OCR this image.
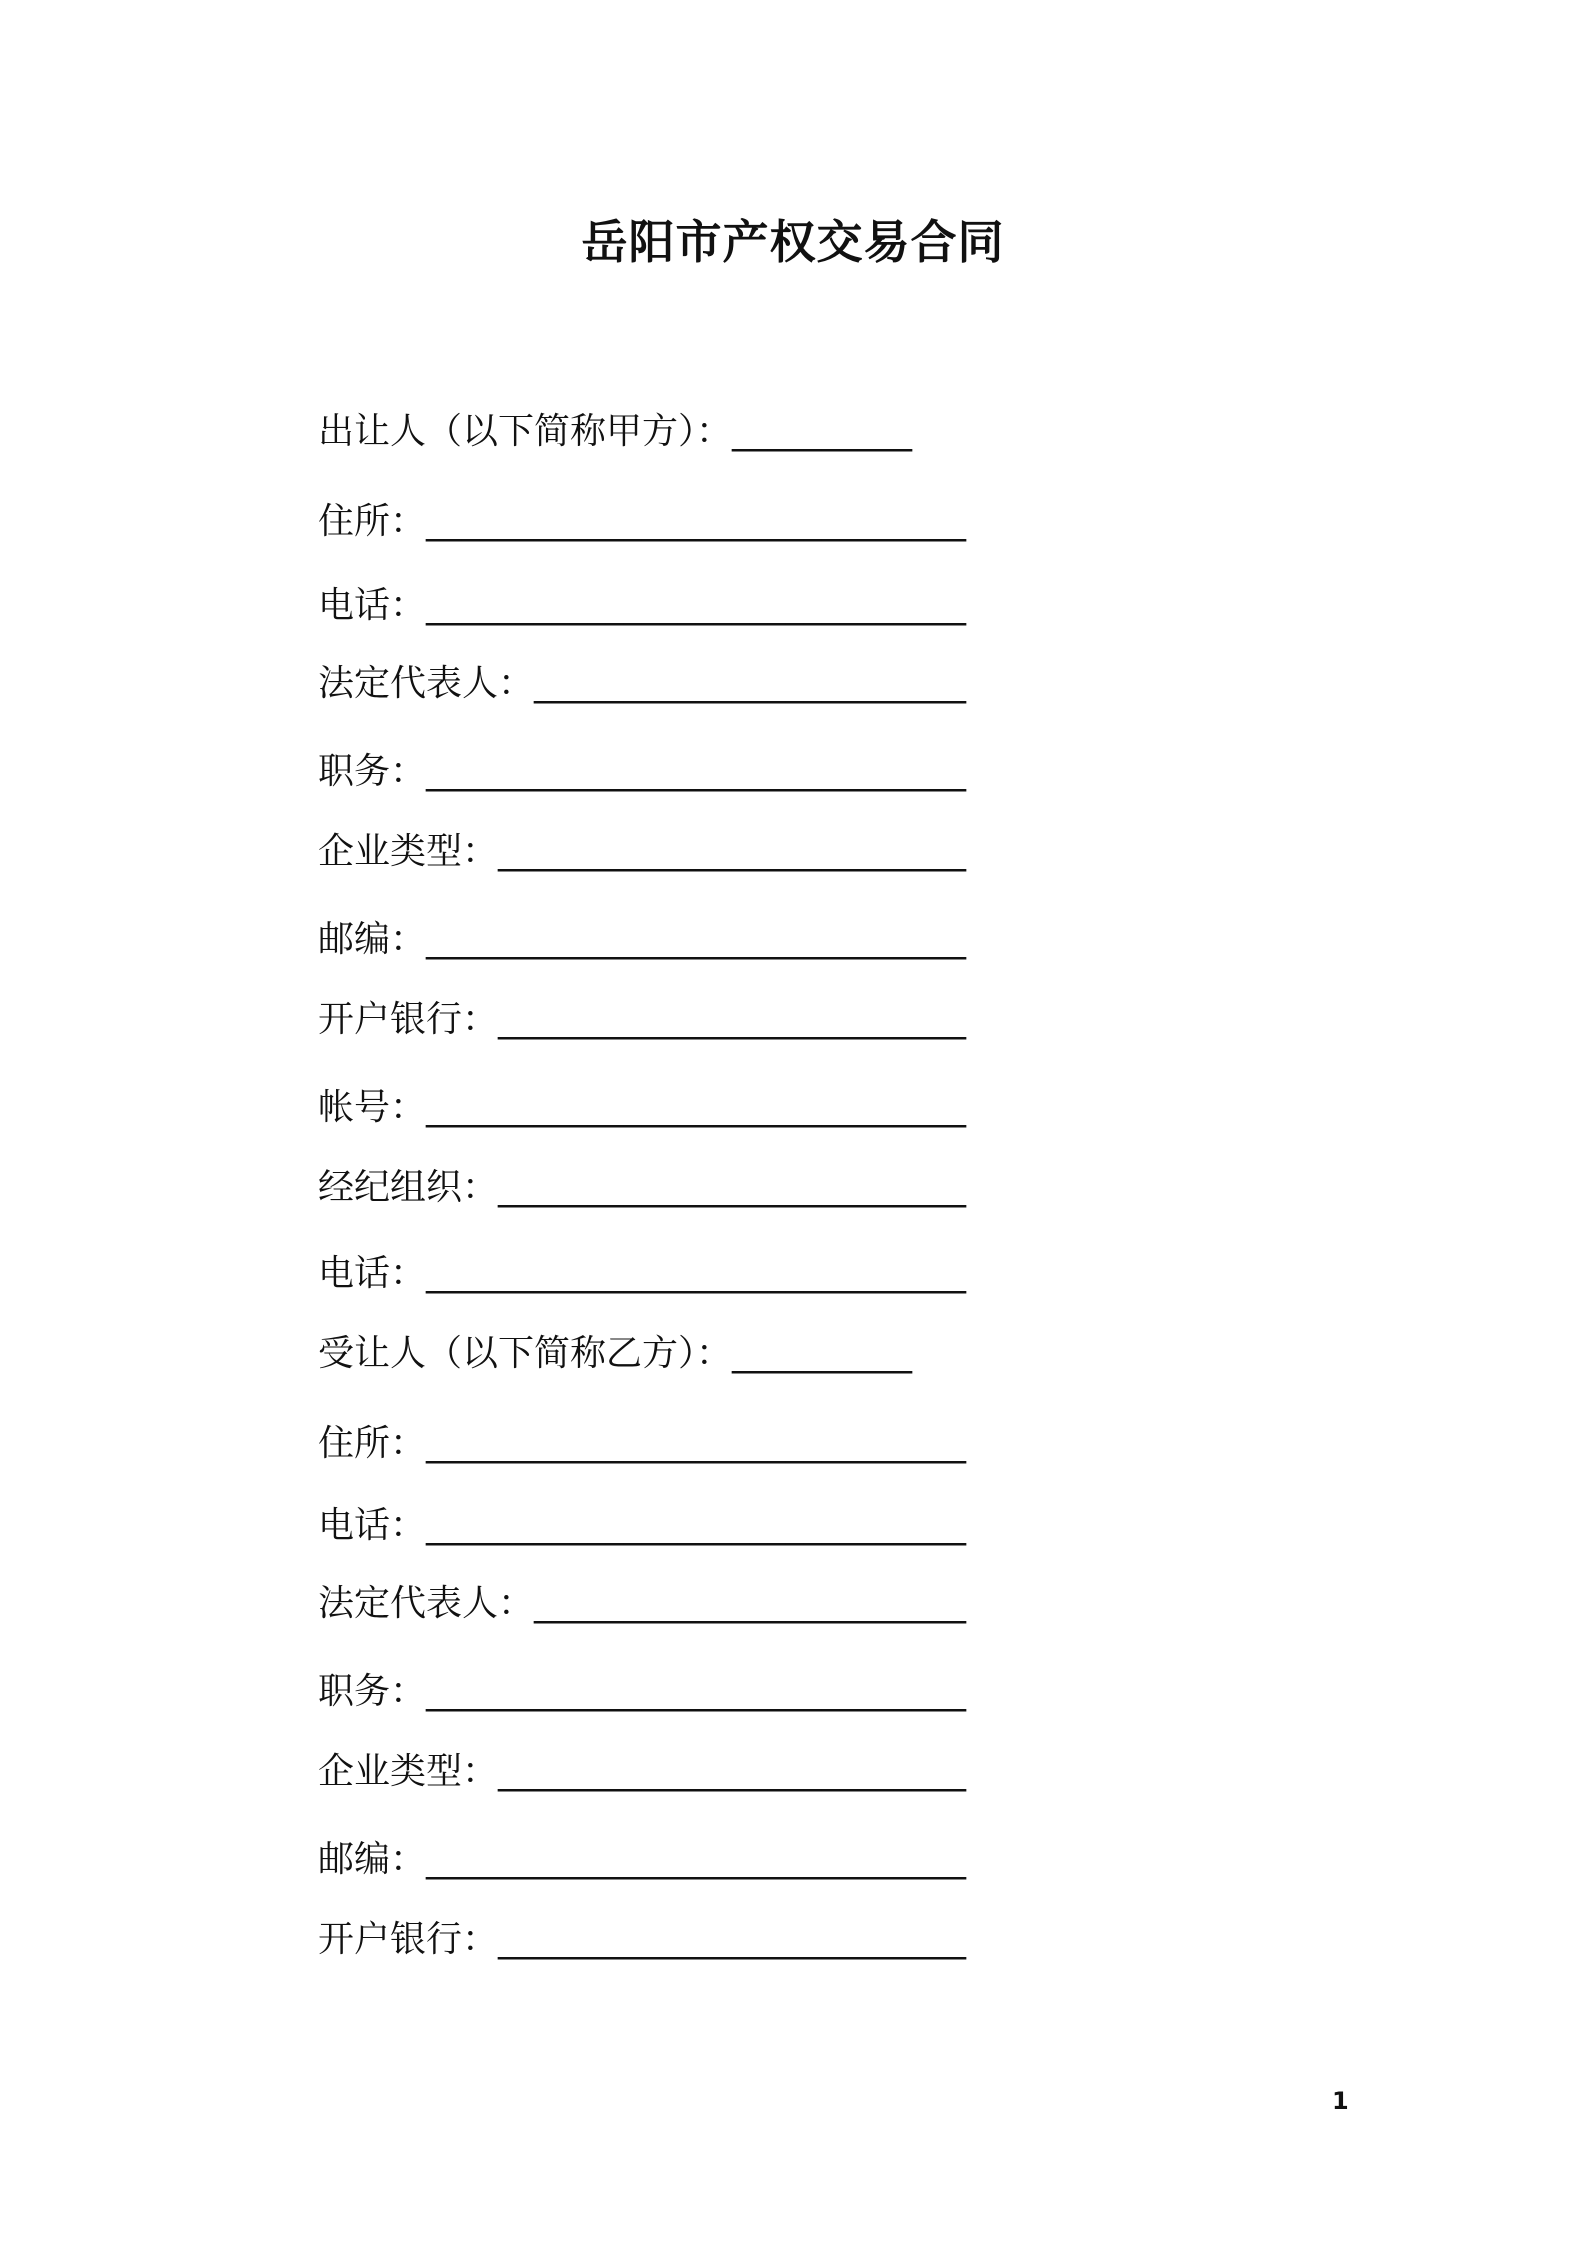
岳阳市产权交易合同
出让人（以下简称甲方）：__________
住所：______________________________
电话：______________________________
法定代表人：________________________
职务：______________________________
企业类型：__________________________
邮编：______________________________
开户银行：__________________________
帐号：______________________________
经纪组织：__________________________
电话：______________________________
受让人（以下简称乙方）：__________
住所：______________________________
电话：______________________________
法定代表人：________________________
职务：______________________________
企业类型：__________________________
邮编：______________________________
开户银行：__________________________
1
